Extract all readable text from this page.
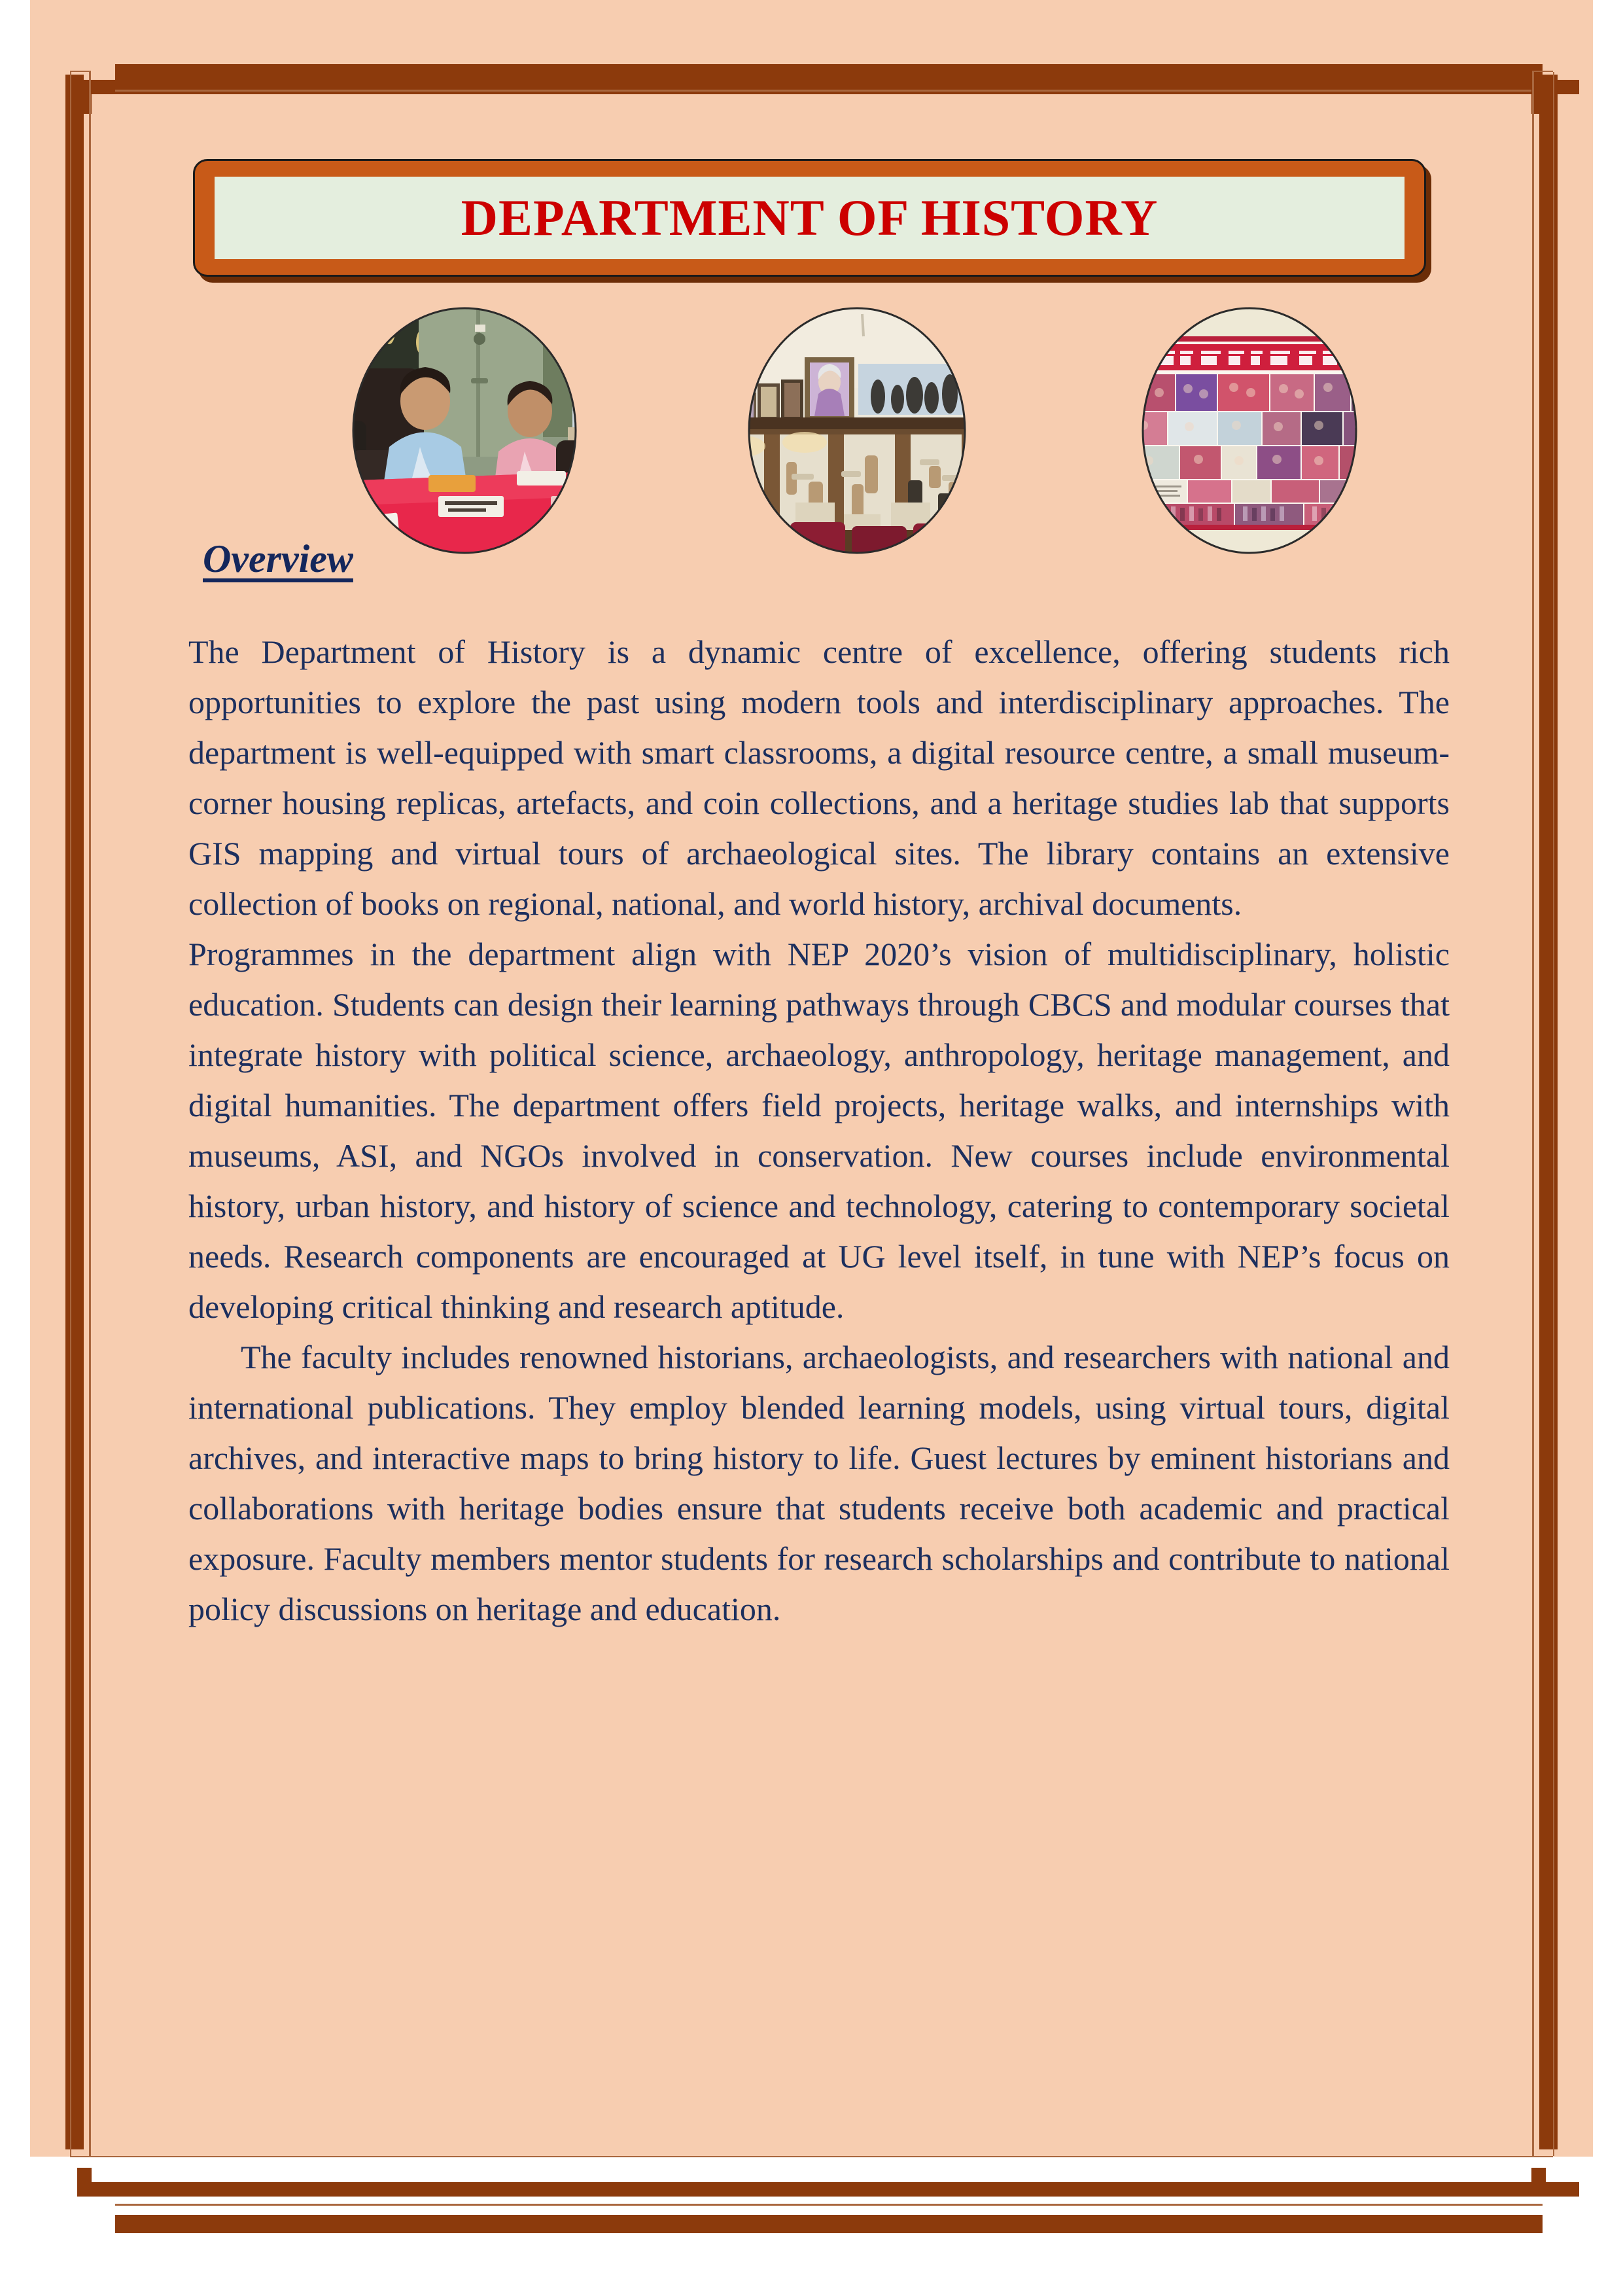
DEPARTMENT OF HISTORY
Overview

The Department of History is a dynamic centre of excellence, offering students rich opportunities to explore the past using modern tools and interdisciplinary approaches. The department is well-equipped with smart classrooms, a digital resource centre, a small museum-corner housing replicas, artefacts, and coin collections, and a heritage studies lab that supports GIS mapping and virtual tours of archaeological sites. The library contains an extensive collection of books on regional, national, and world history, archival documents.

Programmes in the department align with NEP 2020’s vision of multidisciplinary, holistic education. Students can design their learning pathways through CBCS and modular courses that integrate history with political science, archaeology, anthropology, heritage management, and digital humanities. The department offers field projects, heritage walks, and internships with museums, ASI, and NGOs involved in conservation. New courses include environmental history, urban history, and history of science and technology, catering to contemporary societal needs. Research components are encouraged at UG level itself, in tune with NEP’s focus on developing critical thinking and research aptitude.

The faculty includes renowned historians, archaeologists, and researchers with national and international publications. They employ blended learning models, using virtual tours, digital archives, and interactive maps to bring history to life. Guest lectures by eminent historians and collaborations with heritage bodies ensure that students receive both academic and practical exposure. Faculty members mentor students for research scholarships and contribute to national policy discussions on heritage and education.
